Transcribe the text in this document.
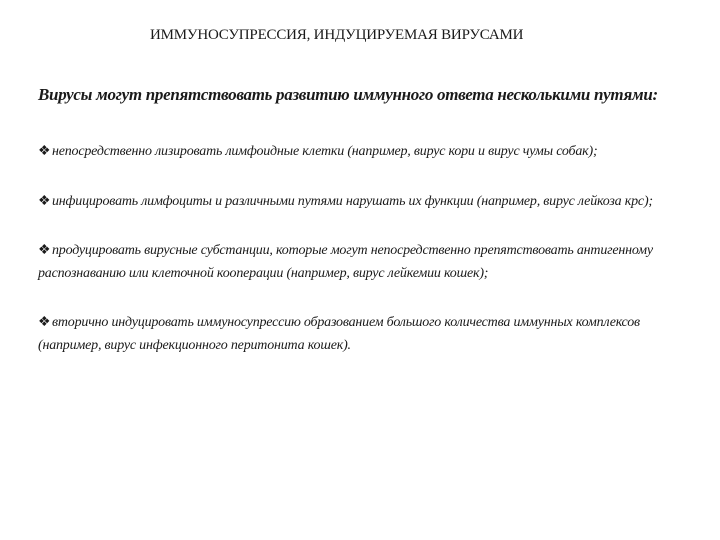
ИММУНОСУПРЕССИЯ, ИНДУЦИРУЕМАЯ ВИРУСАМИ
Вирусы могут препятствовать развитию иммунного ответа несколькими путями:
❖ непосредственно лизировать лимфоидные клетки (например, вирус кори и вирус чумы собак);
❖ инфицировать лимфоциты и различными путями нарушать их функции (например, вирус лейкоза крс);
❖ продуцировать вирусные субстанции, которые могут непосредственно препятствовать антигенному распознаванию или клеточной кооперации (например, вирус лейкемии кошек);
❖ вторично индуцировать иммуносупрессию образованием большого количества иммунных комплексов (например, вирус инфекционного перитонита кошек).
